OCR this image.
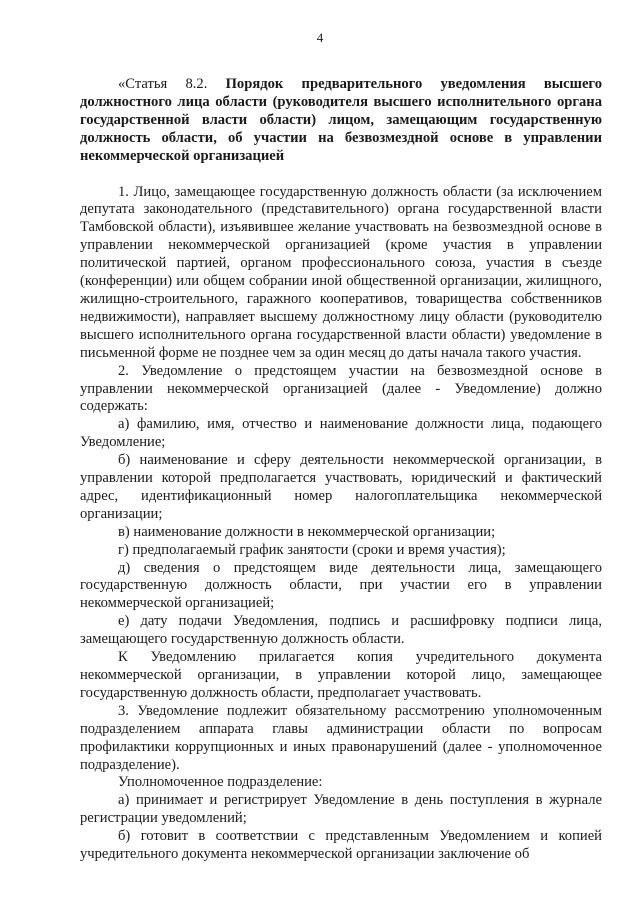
4

«Статья 8.2. Порядок предварительного уведомления высшего должностного лица области (руководителя высшего исполнительного органа государственной власти области) лицом, замещающим государственную должность области, об участии на безвозмездной основе в управлении некоммерческой организацией

1. Лицо, замещающее государственную должность области (за исключением депутата законодательного (представительного) органа государственной власти Тамбовской области), изъявившее желание участвовать на безвозмездной основе в управлении некоммерческой организацией (кроме участия в управлении политической партией, органом профессионального союза, участия в съезде (конференции) или общем собрании иной общественной организации, жилищного, жилищно-строительного, гаражного кооперативов, товарищества собственников недвижимости), направляет высшему должностному лицу области (руководителю высшего исполнительного органа государственной власти области) уведомление в письменной форме не позднее чем за один месяц до даты начала такого участия.

2. Уведомление о предстоящем участии на безвозмездной основе в управлении некоммерческой организацией (далее - Уведомление) должно содержать:

а) фамилию, имя, отчество и наименование должности лица, подающего Уведомление;

б) наименование и сферу деятельности некоммерческой организации, в управлении которой предполагается участвовать, юридический и фактический адрес, идентификационный номер налогоплательщика некоммерческой организации;

в) наименование должности в некоммерческой организации;

г) предполагаемый график занятости (сроки и время участия);

д) сведения о предстоящем виде деятельности лица, замещающего государственную должность области, при участии его в управлении некоммерческой организацией;

е) дату подачи Уведомления, подпись и расшифровку подписи лица, замещающего государственную должность области.

К Уведомлению прилагается копия учредительного документа некоммерческой организации, в управлении которой лицо, замещающее государственную должность области, предполагает участвовать.

3. Уведомление подлежит обязательному рассмотрению уполномоченным подразделением аппарата главы администрации области по вопросам профилактики коррупционных и иных правонарушений (далее - уполномоченное подразделение).

Уполномоченное подразделение:

а) принимает и регистрирует Уведомление в день поступления в журнале регистрации уведомлений;

б) готовит в соответствии с представленным Уведомлением и копией учредительного документа некоммерческой организации заключение об
